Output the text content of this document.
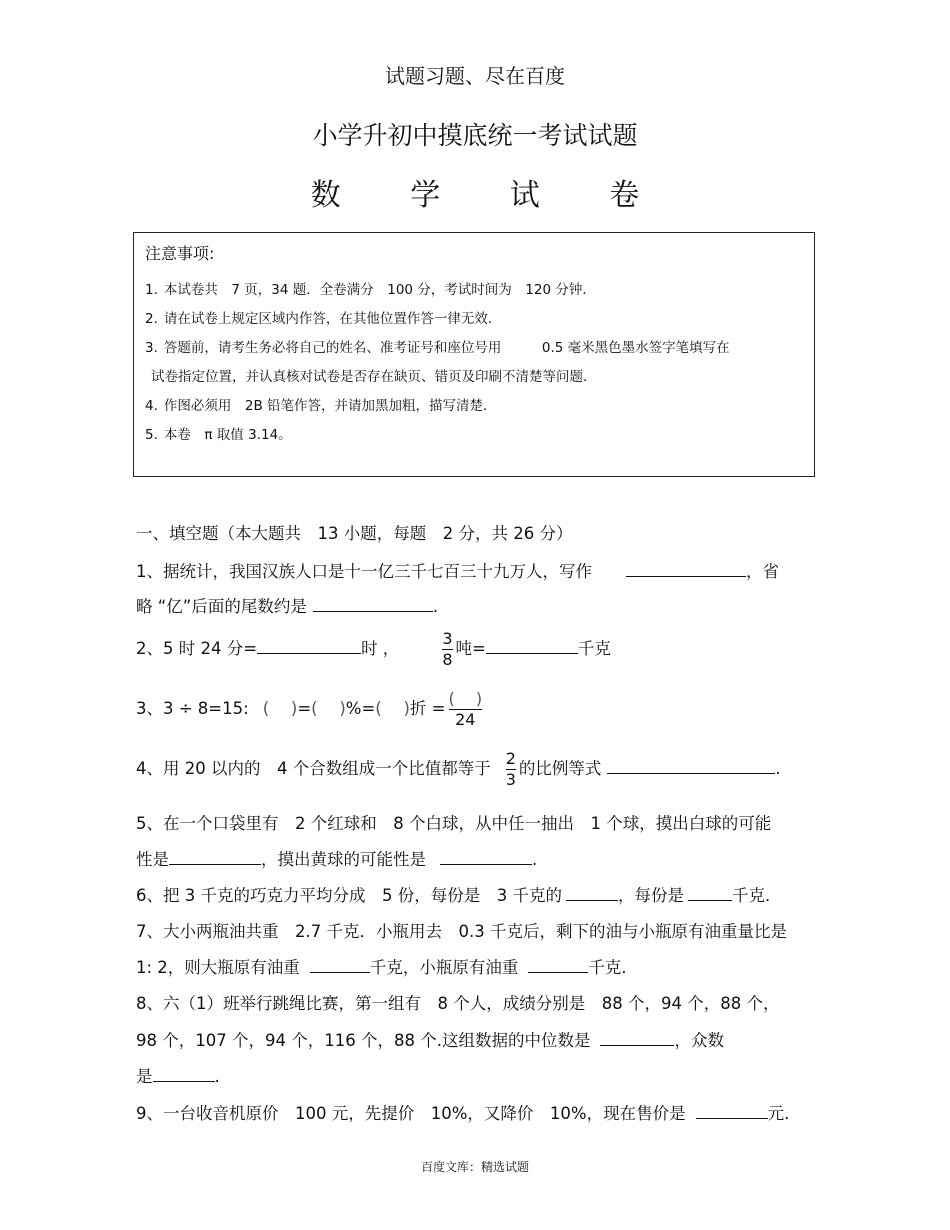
试题习题、尽在百度
小学升初中摸底统一考试试题
数 学 试 卷
注意事项:
1. 本试卷共　7 页，34 题．全卷满分　100 分，考试时间为　120 分钟．
2. 请在试卷上规定区域内作答，在其他位置作答一律无效．
3. 答题前，请考生务必将自己的姓名、准考证号和座位号用　　　0.5 毫米黑色墨水签字笔填写在
试卷指定位置，并认真核对试卷是否存在缺页、错页及印刷不清楚等问题．
4. 作图必须用　2B 铅笔作答，并请加黑加粗，描写清楚．
5. 本卷　π 取值 3.14。
一、填空题（本大题共　13 小题，每题　2 分，共 26 分）
1、据统计，我国汉族人口是十一亿三千七百三十九万人，写作	，省
略 “亿”后面的尾数约是	.
2、5 时 24 分=	时 ，	$\frac{3}{8}$ 吨=	千克
3、3 ÷ 8=15: ( 　)=( 　)%=( 　)折 = $\frac{( )}{24}$
4、用 20 以内的　4 个合数组成一个比值都等于 $\frac{2}{3}$ 的比例等式	.
5、在一个口袋里有　2 个红球和　8 个白球，从中任一抽出　1 个球，摸出白球的可能
性是	，摸出黄球的可能性是	.
6、把 3 千克的巧克力平均分成　5 份，每份是　3 千克的	，每份是	千克．
7、大小两瓶油共重　2.7 千克．小瓶用去　0.3 千克后，剩下的油与小瓶原有油重量比是
1: 2，则大瓶原有油重	千克，小瓶原有油重	千克．
8、六（1）班举行跳绳比赛，第一组有　8 个人，成绩分别是　88 个，94 个，88 个，
98 个，107 个，94 个，116 个，88 个.这组数据的中位数是	，众数
是	.
9、一台收音机原价　100 元，先提价　10%，又降价　10%，现在售价是	元.
百度文库：精选试题
